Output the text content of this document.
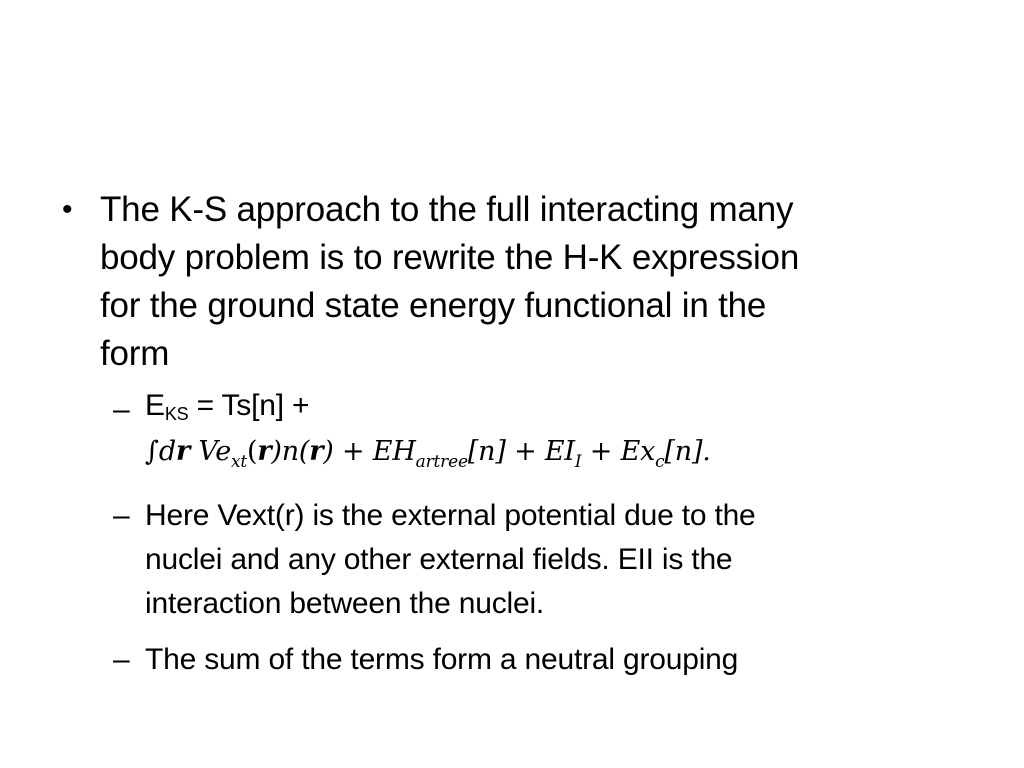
• The K-S approach to the full interacting many
body problem is to rewrite the H-K expression
for the ground state energy functional in the
form
– $E_{KS} = Ts[n]$ +
∫dr $Ve_{xt}(r)n(r) + EH_{artree}[n] + EI_I + Ex_c[n]$.
– Here Vext(r) is the external potential due to the
nuclei and any other external fields. EII is the
interaction between the nuclei.
– The sum of the terms form a neutral grouping
